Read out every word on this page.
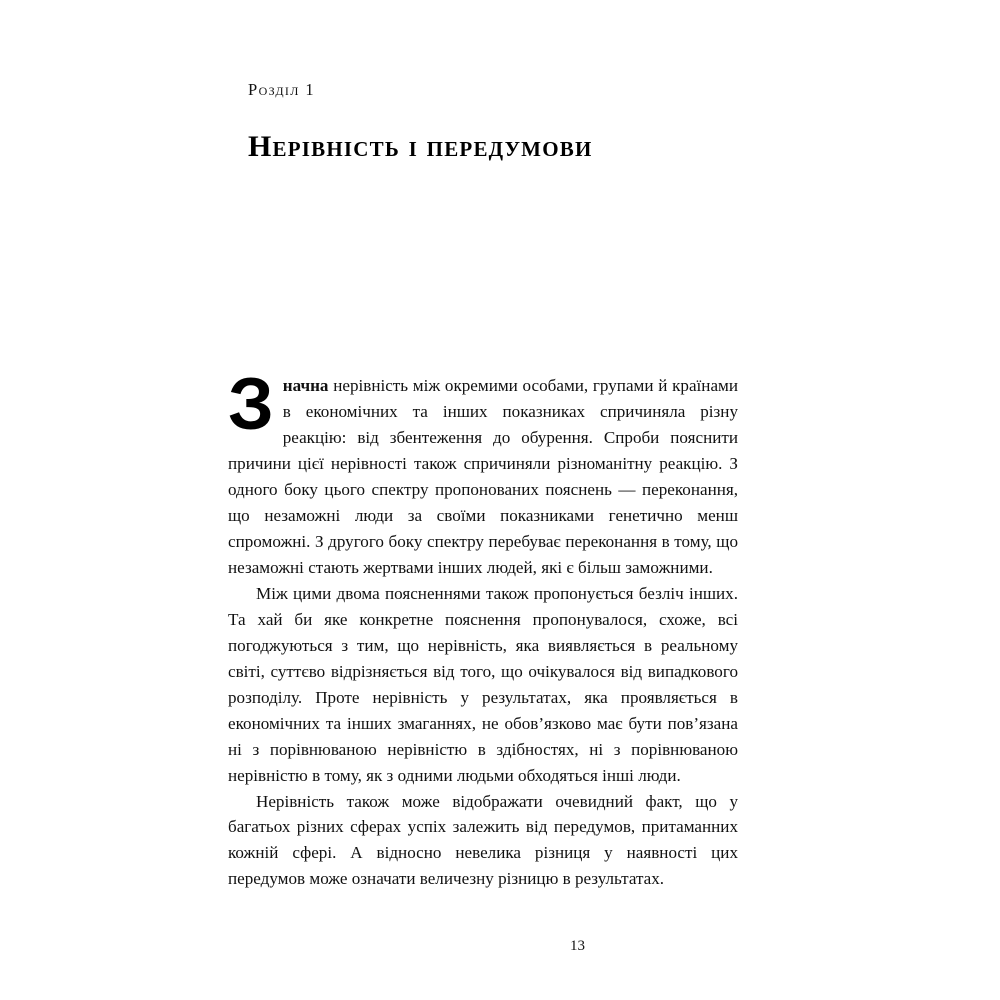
Розділ 1
Нерівність і передумови

Значна нерівність між окремими особами, групами й країнами в економічних та інших показниках спричиняла різну реакцію: від збентеження до обурення. Спроби пояснити причини цієї нерівності також спричиняли різноманітну реакцію. З одного боку цього спектру пропонованих пояснень — переконання, що незаможні люди за своїми показниками генетично менш спроможні. З другого боку спектру перебуває переконання в тому, що незаможні стають жертвами інших людей, які є більш заможними.

Між цими двома поясненнями також пропонується безліч інших. Та хай би яке конкретне пояснення пропонувалося, схоже, всі погоджуються з тим, що нерівність, яка виявляється в реальному світі, суттєво відрізняється від того, що очікувалося від випадкового розподілу. Проте нерівність у результатах, яка проявляється в економічних та інших змаганнях, не обов’язково має бути пов’язана ні з порівнюваною нерівністю в здібностях, ні з порівнюваною нерівністю в тому, як з одними людьми обходяться інші люди.

Нерівність також може відображати очевидний факт, що у багатьох різних сферах успіх залежить від передумов, притаманних кожній сфері. А відносно невелика різниця у наявності цих передумов може означати величезну різницю в результатах.

13
